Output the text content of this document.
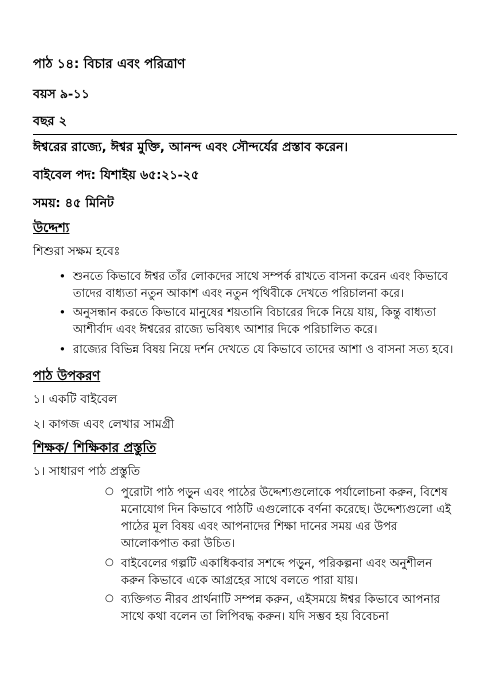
পাঠ ১৪: বিচার এবং পরিত্রাণ

বয়স ৯-১১

বছর ২

ঈশ্বরের রাজ্যে, ঈশ্বর মুক্তি, আনন্দ এবং সৌন্দর্যের প্রস্তাব করেন।

বাইবেল পদ: যিশাইয় ৬৫:২১-২৫

সময়: ৪৫ মিনিট

উদ্দেশ্য

শিশুরা সক্ষম হবেঃ

• শুনতে কিভাবে ঈশ্বর তাঁর লোকদের সাথে সম্পর্ক রাখতে বাসনা করেন এবং কিভাবে তাদের বাধ্যতা নতুন আকাশ এবং নতুন পৃথিবীকে দেখতে পরিচালনা করে।
• অনুসন্ধান করতে কিভাবে মানুষের শয়তানি বিচারের দিকে নিয়ে যায়, কিন্তু বাধ্যতা আশীর্বাদ এবং ঈশ্বরের রাজ্যে ভবিষ্যৎ আশার দিকে পরিচালিত করে।
• রাজ্যের বিভিন্ন বিষয় নিয়ে দর্শন দেখতে যে কিভাবে তাদের আশা ও বাসনা সত্য হবে।

পাঠ উপকরণ

১। একটি বাইবেল

২। কাগজ এবং লেখার সামগ্রী

শিক্ষক/ শিক্ষিকার প্রস্তুতি

১। সাধারণ পাঠ প্রস্তুতি

○ পুরোটা পাঠ পড়ুন এবং পাঠের উদ্দেশ্যগুলোকে পর্যালোচনা করুন, বিশেষ মনোযোগ দিন কিভাবে পাঠটি এগুলোকে বর্ণনা করেছে। উদ্দেশ্যগুলো এই পাঠের মূল বিষয় এবং আপনাদের শিক্ষা দানের সময় এর উপর আলোকপাত করা উচিত।
○ বাইবেলের গল্পটি একাধিকবার সশব্দে পড়ুন, পরিকল্পনা এবং অনুশীলন করুন কিভাবে একে আগ্রহের সাথে বলতে পারা যায়।
○ ব্যক্তিগত নীরব প্রার্থনাটি সম্পন্ন করুন, এইসময়ে ঈশ্বর কিভাবে আপনার সাথে কথা বলেন তা লিপিবদ্ধ করুন। যদি সম্ভব হয় বিবেচনা
